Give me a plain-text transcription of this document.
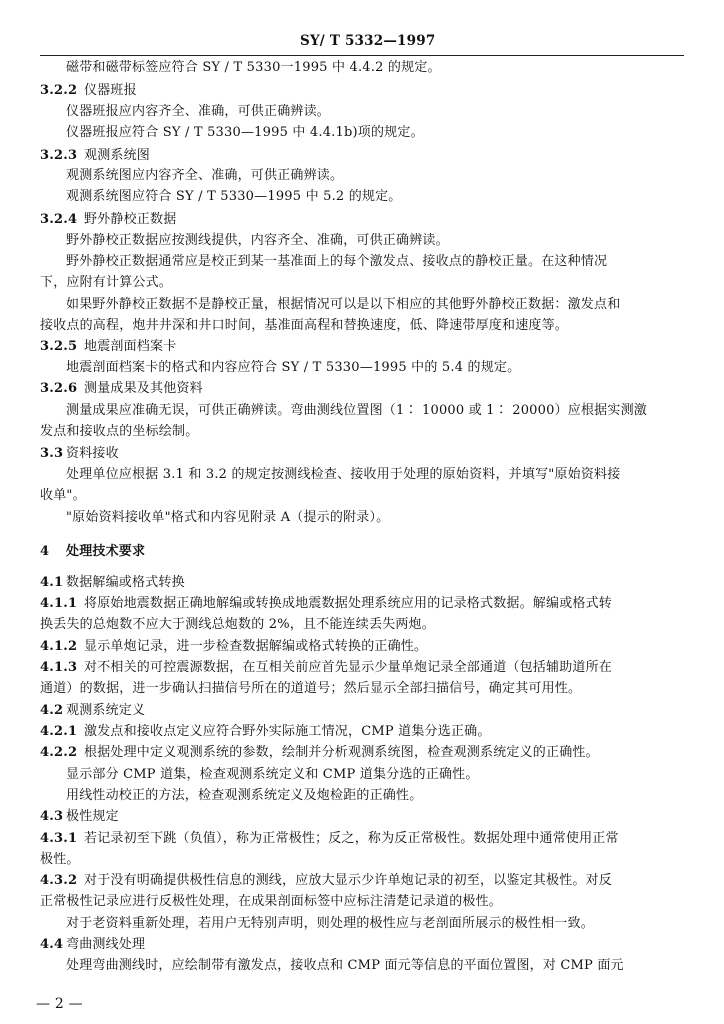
SY/ T 5332—1997
磁带和磁带标签应符合 SY / T 5330一1995 中 4.4.2 的规定。
3.2.2 仪器班报
仪器班报应内容齐全、准确，可供正确辨读。
仪器班报应符合 SY / T 5330—1995 中 4.4.1b)项的规定。
3.2.3 观测系统图
观测系统图应内容齐全、准确，可供正确辨读。
观测系统图应符合 SY / T 5330—1995 中 5.2 的规定。
3.2.4 野外静校正数据
野外静校正数据应按测线提供，内容齐全、准确，可供正确辨读。
野外静校正数据通常应是校正到某一基准面上的每个激发点、接收点的静校正量。在这种情况
下，应附有计算公式。
如果野外静校正数据不是静校正量，根据情况可以是以下相应的其他野外静校正数据：激发点和
接收点的高程，炮井井深和井口时间，基准面高程和替换速度，低、降速带厚度和速度等。
3.2.5 地震剖面档案卡
地震剖面档案卡的格式和内容应符合 SY / T 5330—1995 中的 5.4 的规定。
3.2.6 测量成果及其他资料
测量成果应准确无误，可供正确辨读。弯曲测线位置图（1∶ 10000 或 1∶ 20000）应根据实测激
发点和接收点的坐标绘制。
3.3 资料接收
处理单位应根据 3.1 和 3.2 的规定按测线检查、接收用于处理的原始资料，并填写"原始资料接
收单"。
"原始资料接收单"格式和内容见附录 A（提示的附录）。
4 处理技术要求
4.1 数据解编或格式转换
4.1.1 将原始地震数据正确地解编或转换成地震数据处理系统应用的记录格式数据。解编或格式转
换丢失的总炮数不应大于测线总炮数的 2%，且不能连续丢失两炮。
4.1.2 显示单炮记录，进一步检查数据解编或格式转换的正确性。
4.1.3 对不相关的可控震源数据，在互相关前应首先显示少量单炮记录全部通道（包括辅助道所在
通道）的数据，进一步确认扫描信号所在的道道号；然后显示全部扫描信号，确定其可用性。
4.2 观测系统定义
4.2.1 激发点和接收点定义应符合野外实际施工情况，CMP 道集分选正确。
4.2.2 根据处理中定义观测系统的参数，绘制并分析观测系统图，检查观测系统定义的正确性。
显示部分 CMP 道集，检查观测系统定义和 CMP 道集分选的正确性。
用线性动校正的方法，检查观测系统定义及炮检距的正确性。
4.3 极性规定
4.3.1 若记录初至下跳（负值），称为正常极性；反之，称为反正常极性。数据处理中通常使用正常
极性。
4.3.2 对于没有明确提供极性信息的测线，应放大显示少许单炮记录的初至，以鉴定其极性。对反
正常极性记录应进行反极性处理，在成果剖面标签中应标注清楚记录道的极性。
对于老资料重新处理，若用户无特别声明，则处理的极性应与老剖面所展示的极性相一致。
4.4 弯曲测线处理
处理弯曲测线时，应绘制带有激发点，接收点和 CMP 面元等信息的平面位置图，对 CMP 面元
— 2 —
